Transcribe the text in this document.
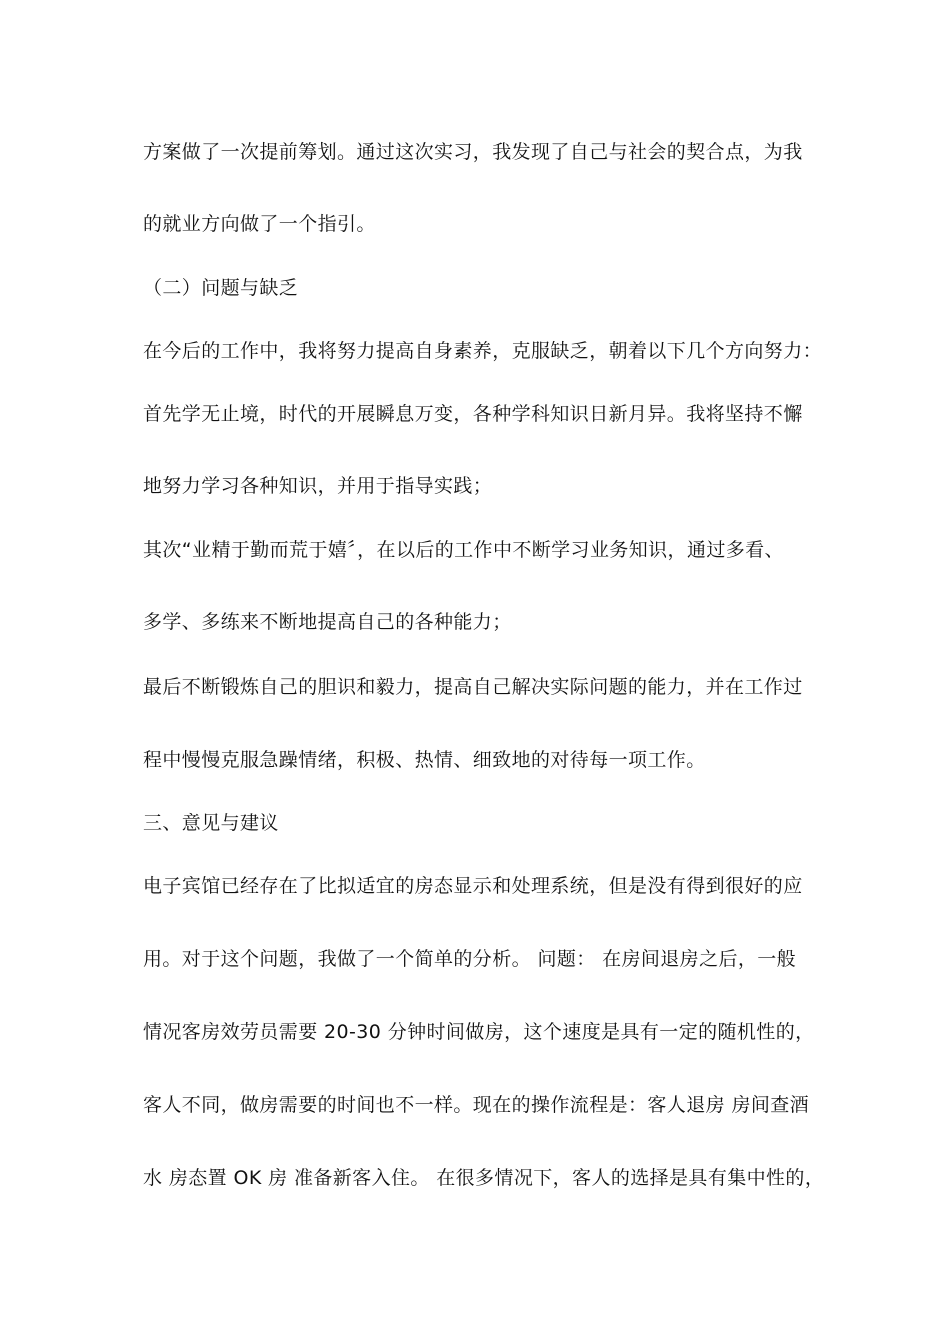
方案做了一次提前筹划。通过这次实习，我发现了自己与社会的契合点，为我
的就业方向做了一个指引。
（二）问题与缺乏
在今后的工作中，我将努力提高自身素养，克服缺乏，朝着以下几个方向努力：
首先学无止境，时代的开展瞬息万变，各种学科知识日新月异。我将坚持不懈
地努力学习各种知识，并用于指导实践；
其次“业精于勤而荒于嬉〞，在以后的工作中不断学习业务知识，通过多看、
多学、多练来不断地提高自己的各种能力；
最后不断锻炼自己的胆识和毅力，提高自己解决实际问题的能力，并在工作过
程中慢慢克服急躁情绪，积极、热情、细致地的对待每一项工作。
三、意见与建议
电子宾馆已经存在了比拟适宜的房态显示和处理系统，但是没有得到很好的应
用。对于这个问题，我做了一个简单的分析。 问题： 在房间退房之后，一般
情况客房效劳员需要 20-30 分钟时间做房，这个速度是具有一定的随机性的，
客人不同，做房需要的时间也不一样。现在的操作流程是：客人退房 房间查酒
水 房态置 OK 房 准备新客入住。 在很多情况下，客人的选择是具有集中性的，
